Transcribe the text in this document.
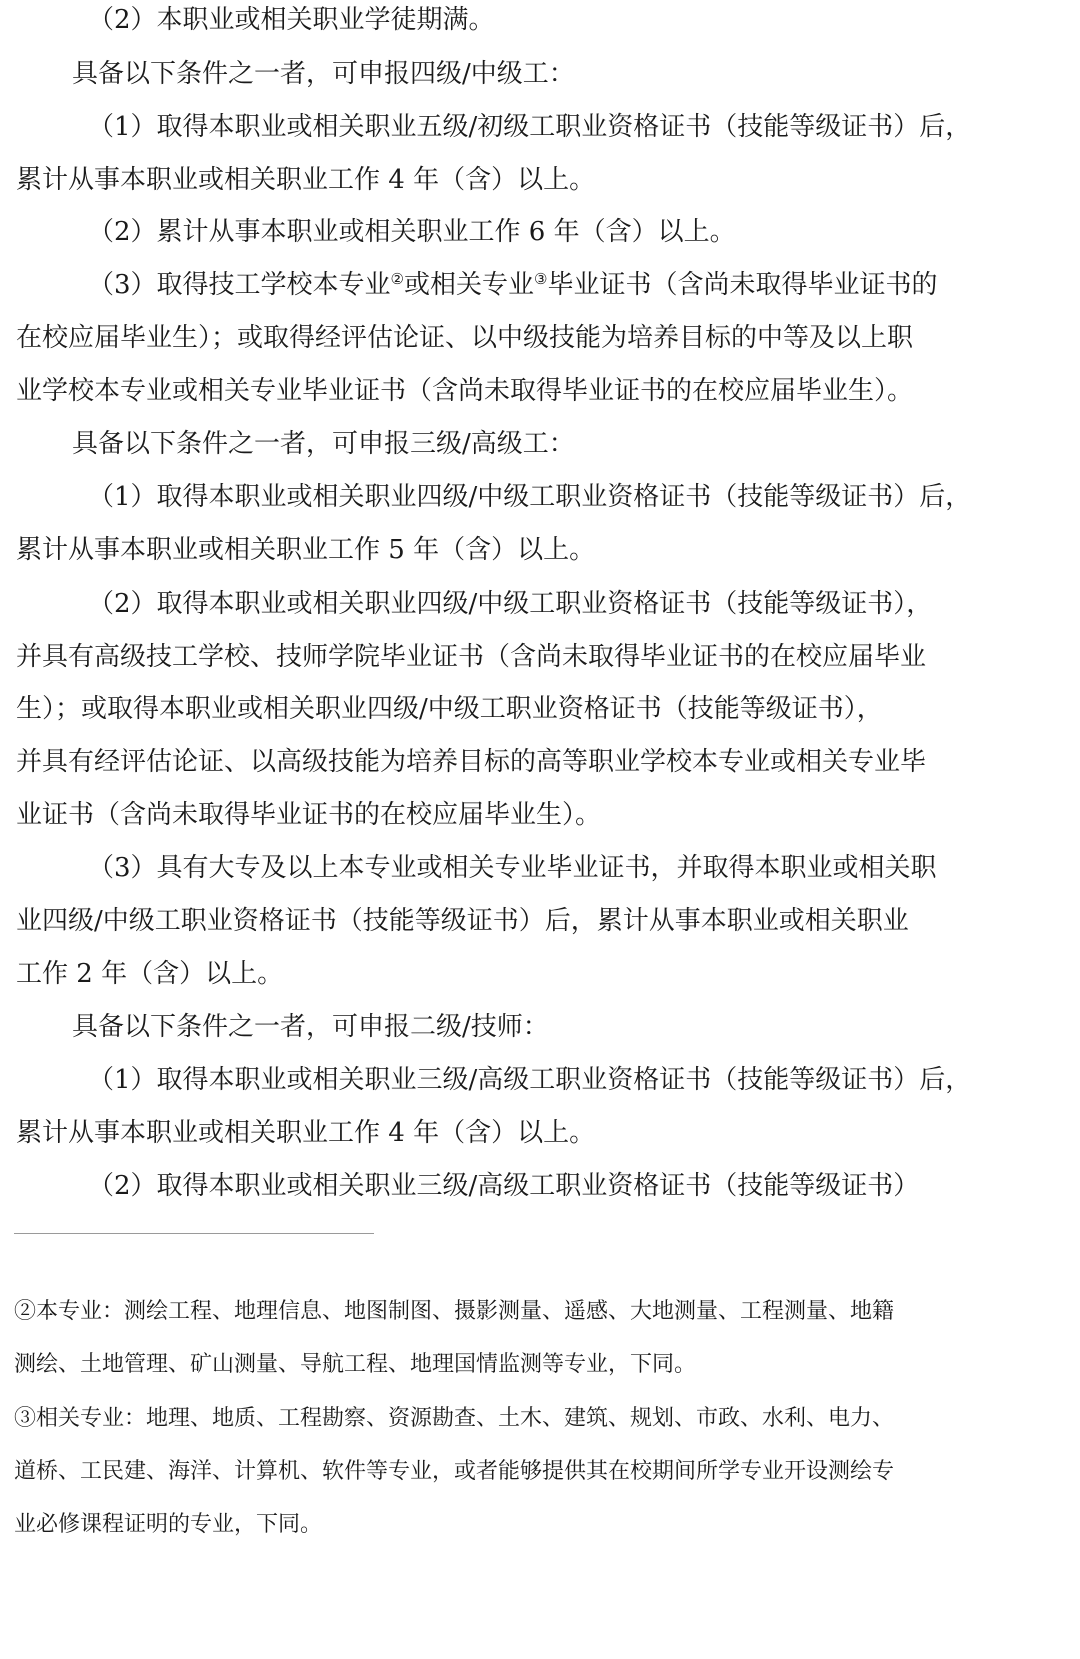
（2）本职业或相关职业学徒期满。
具备以下条件之一者，可申报四级/中级工：
（1）取得本职业或相关职业五级/初级工职业资格证书（技能等级证书）后，
累计从事本职业或相关职业工作 4 年（含）以上。
（2）累计从事本职业或相关职业工作 6 年（含）以上。
（3）取得技工学校本专业②或相关专业③毕业证书（含尚未取得毕业证书的
在校应届毕业生）；或取得经评估论证、以中级技能为培养目标的中等及以上职
业学校本专业或相关专业毕业证书（含尚未取得毕业证书的在校应届毕业生）。
具备以下条件之一者，可申报三级/高级工：
（1）取得本职业或相关职业四级/中级工职业资格证书（技能等级证书）后，
累计从事本职业或相关职业工作 5 年（含）以上。
（2）取得本职业或相关职业四级/中级工职业资格证书（技能等级证书），
并具有高级技工学校、技师学院毕业证书（含尚未取得毕业证书的在校应届毕业
生）；或取得本职业或相关职业四级/中级工职业资格证书（技能等级证书），
并具有经评估论证、以高级技能为培养目标的高等职业学校本专业或相关专业毕
业证书（含尚未取得毕业证书的在校应届毕业生）。
（3）具有大专及以上本专业或相关专业毕业证书，并取得本职业或相关职
业四级/中级工职业资格证书（技能等级证书）后，累计从事本职业或相关职业
工作 2 年（含）以上。
具备以下条件之一者，可申报二级/技师：
（1）取得本职业或相关职业三级/高级工职业资格证书（技能等级证书）后，
累计从事本职业或相关职业工作 4 年（含）以上。
（2）取得本职业或相关职业三级/高级工职业资格证书（技能等级证书）
②本专业：测绘工程、地理信息、地图制图、摄影测量、遥感、大地测量、工程测量、地籍
测绘、土地管理、矿山测量、导航工程、地理国情监测等专业，下同。
③相关专业：地理、地质、工程勘察、资源勘查、土木、建筑、规划、市政、水利、电力、
道桥、工民建、海洋、计算机、软件等专业，或者能够提供其在校期间所学专业开设测绘专
业必修课程证明的专业，下同。
